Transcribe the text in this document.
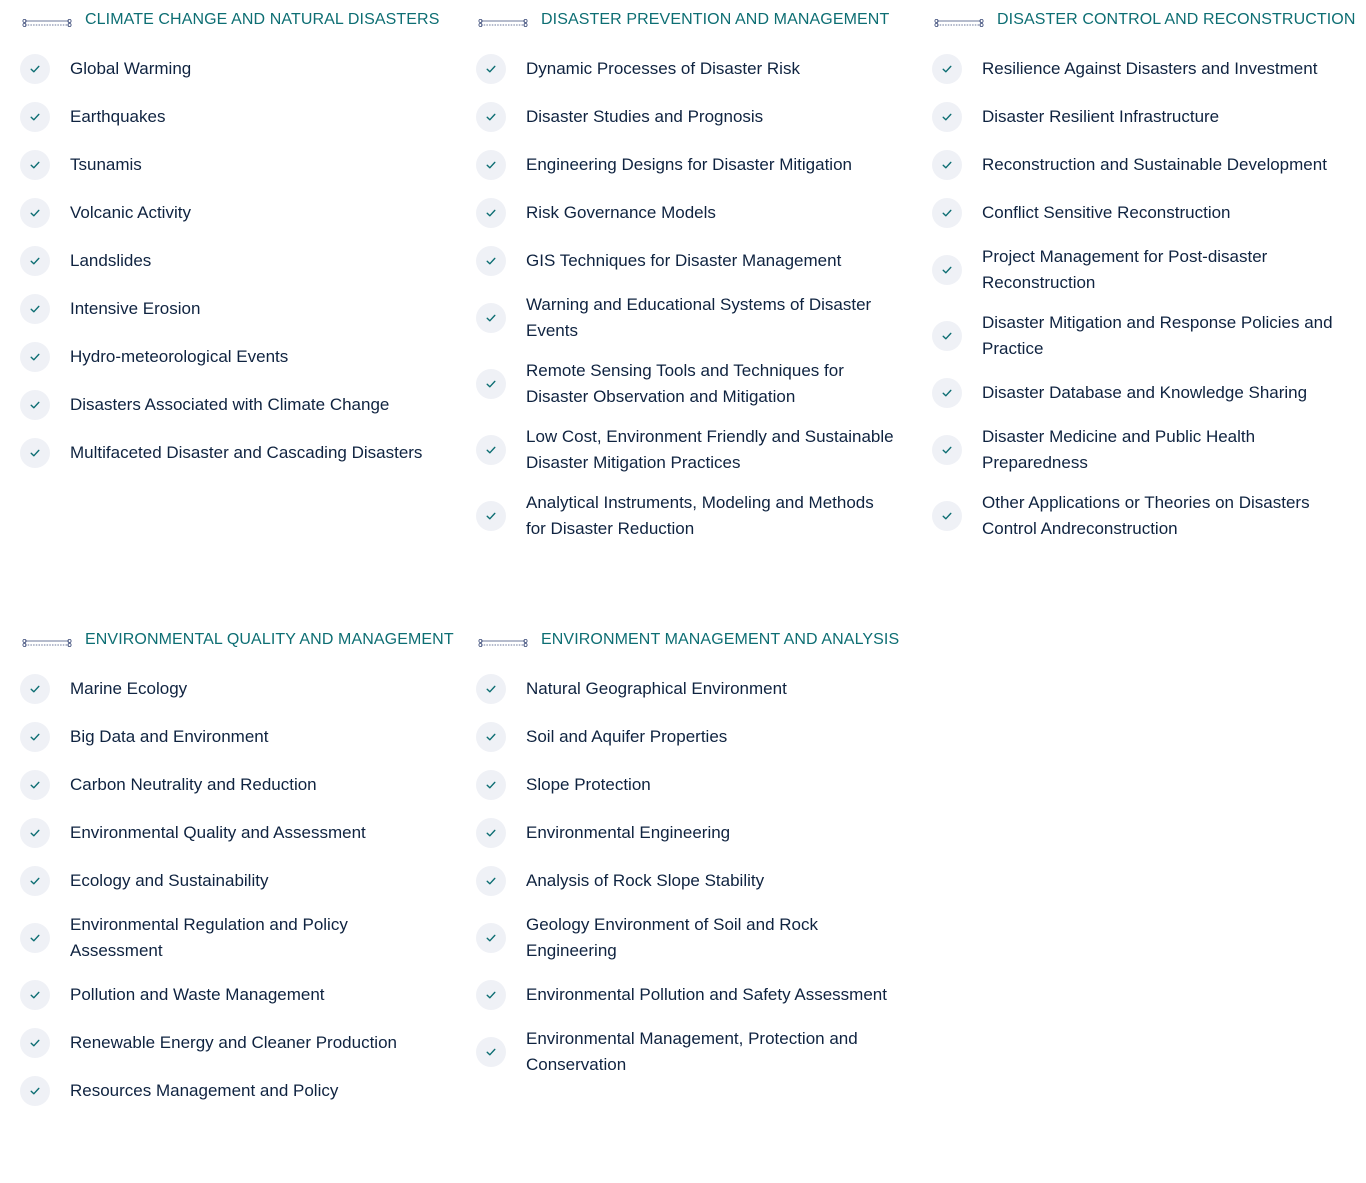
CLIMATE CHANGE AND NATURAL DISASTERS
Global Warming
Earthquakes
Tsunamis
Volcanic Activity
Landslides
Intensive Erosion
Hydro-meteorological Events
Disasters Associated with Climate Change
Multifaceted Disaster and Cascading Disasters
DISASTER PREVENTION AND MANAGEMENT
Dynamic Processes of Disaster Risk
Disaster Studies and Prognosis
Engineering Designs for Disaster Mitigation
Risk Governance Models
GIS Techniques for Disaster Management
Warning and Educational Systems of Disaster Events
Remote Sensing Tools and Techniques for Disaster Observation and Mitigation
Low Cost, Environment Friendly and Sustainable Disaster Mitigation Practices
Analytical Instruments, Modeling and Methods for Disaster Reduction
DISASTER CONTROL AND RECONSTRUCTION
Resilience Against Disasters and Investment
Disaster Resilient Infrastructure
Reconstruction and Sustainable Development
Conflict Sensitive Reconstruction
Project Management for Post-disaster Reconstruction
Disaster Mitigation and Response Policies and Practice
Disaster Database and Knowledge Sharing
Disaster Medicine and Public Health Preparedness
Other Applications or Theories on Disasters Control Andreconstruction
ENVIRONMENTAL QUALITY AND MANAGEMENT
Marine Ecology
Big Data and Environment
Carbon Neutrality and Reduction
Environmental Quality and Assessment
Ecology and Sustainability
Environmental Regulation and Policy Assessment
Pollution and Waste Management
Renewable Energy and Cleaner Production
Resources Management and Policy
ENVIRONMENT MANAGEMENT AND ANALYSIS
Natural Geographical Environment
Soil and Aquifer Properties
Slope Protection
Environmental Engineering
Analysis of Rock Slope Stability
Geology Environment of Soil and Rock Engineering
Environmental Pollution and Safety Assessment
Environmental Management, Protection and Conservation
